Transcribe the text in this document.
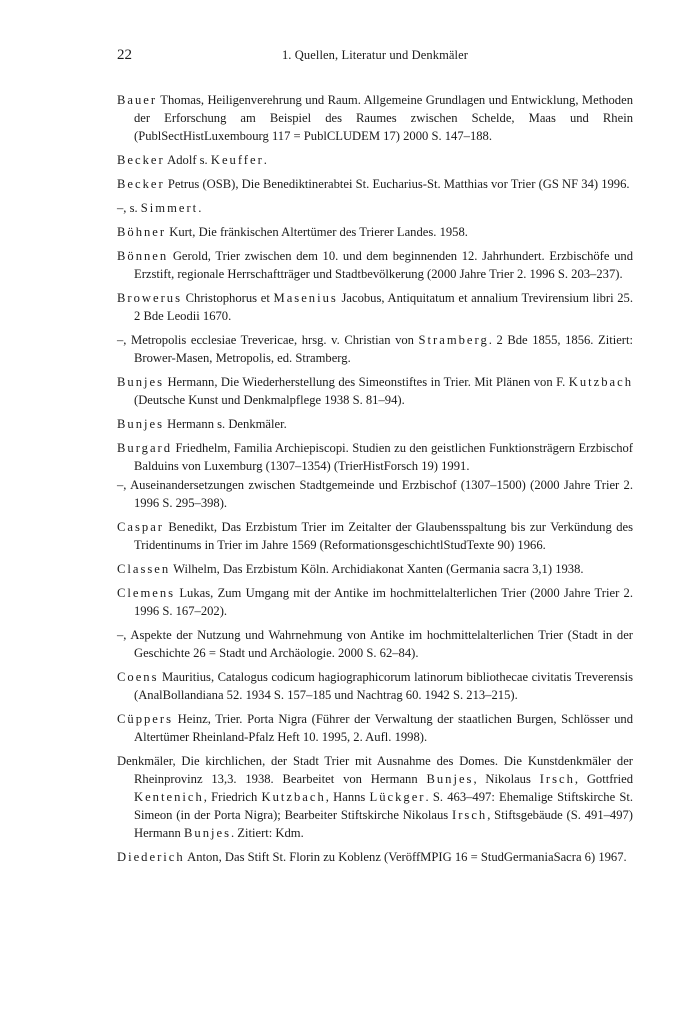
22	1. Quellen, Literatur und Denkmäler

Bauer Thomas, Heiligenverehrung und Raum. Allgemeine Grundlagen und Entwicklung, Methoden der Erforschung am Beispiel des Raumes zwischen Schelde, Maas und Rhein (PublSectHistLuxembourg 117 = PublCLUDEM 17) 2000 S. 147–188.

Becker Adolf s. Keuffer.

Becker Petrus (OSB), Die Benediktinerabtei St. Eucharius-St. Matthias vor Trier (GS NF 34) 1996.

–, s. Simmert.

Böhner Kurt, Die fränkischen Altertümer des Trierer Landes. 1958.

Bönnen Gerold, Trier zwischen dem 10. und dem beginnenden 12. Jahrhundert. Erzbischöfe und Erzstift, regionale Herrschaftträger und Stadtbevölkerung (2000 Jahre Trier 2. 1996 S. 203–237).

Browerus Christophorus et Masenius Jacobus, Antiquitatum et annalium Trevirensium libri 25. 2 Bde Leodii 1670.

–, Metropolis ecclesiae Trevericae, hrsg. v. Christian von Stramberg. 2 Bde 1855, 1856. Zitiert: Brower-Masen, Metropolis, ed. Stramberg.

Bunjes Hermann, Die Wiederherstellung des Simeonstiftes in Trier. Mit Plänen von F. Kutzbach (Deutsche Kunst und Denkmalpflege 1938 S. 81–94).

Bunjes Hermann s. Denkmäler.

Burgard Friedhelm, Familia Archiepiscopi. Studien zu den geistlichen Funktionsträgern Erzbischof Balduins von Luxemburg (1307–1354) (TrierHistForsch 19) 1991.

–, Auseinandersetzungen zwischen Stadtgemeinde und Erzbischof (1307–1500) (2000 Jahre Trier 2. 1996 S. 295–398).

Caspar Benedikt, Das Erzbistum Trier im Zeitalter der Glaubensspaltung bis zur Verkündung des Tridentinums in Trier im Jahre 1569 (ReformationsgeschichtlStudTexte 90) 1966.

Classen Wilhelm, Das Erzbistum Köln. Archidiakonat Xanten (Germania sacra 3,1) 1938.

Clemens Lukas, Zum Umgang mit der Antike im hochmittelalterlichen Trier (2000 Jahre Trier 2. 1996 S. 167–202).

–, Aspekte der Nutzung und Wahrnehmung von Antike im hochmittelalterlichen Trier (Stadt in der Geschichte 26 = Stadt und Archäologie. 2000 S. 62–84).

Coens Mauritius, Catalogus codicum hagiographicorum latinorum bibliothecae civitatis Treverensis (AnalBollandiana 52. 1934 S. 157–185 und Nachtrag 60. 1942 S. 213–215).

Cüppers Heinz, Trier. Porta Nigra (Führer der Verwaltung der staatlichen Burgen, Schlösser und Altertümer Rheinland-Pfalz Heft 10. 1995, 2. Aufl. 1998).

Denkmäler, Die kirchlichen, der Stadt Trier mit Ausnahme des Domes. Die Kunstdenkmäler der Rheinprovinz 13,3. 1938. Bearbeitet von Hermann Bunjes, Nikolaus Irsch, Gottfried Kentenich, Friedrich Kutzbach, Hanns Lückger. S. 463–497: Ehemalige Stiftskirche St. Simeon (in der Porta Nigra); Bearbeiter Stiftskirche Nikolaus Irsch, Stiftsgebäude (S. 491–497) Hermann Bunjes. Zitiert: Kdm.

Diederich Anton, Das Stift St. Florin zu Koblenz (VeröffMPIG 16 = StudGermaniaSacra 6) 1967.
